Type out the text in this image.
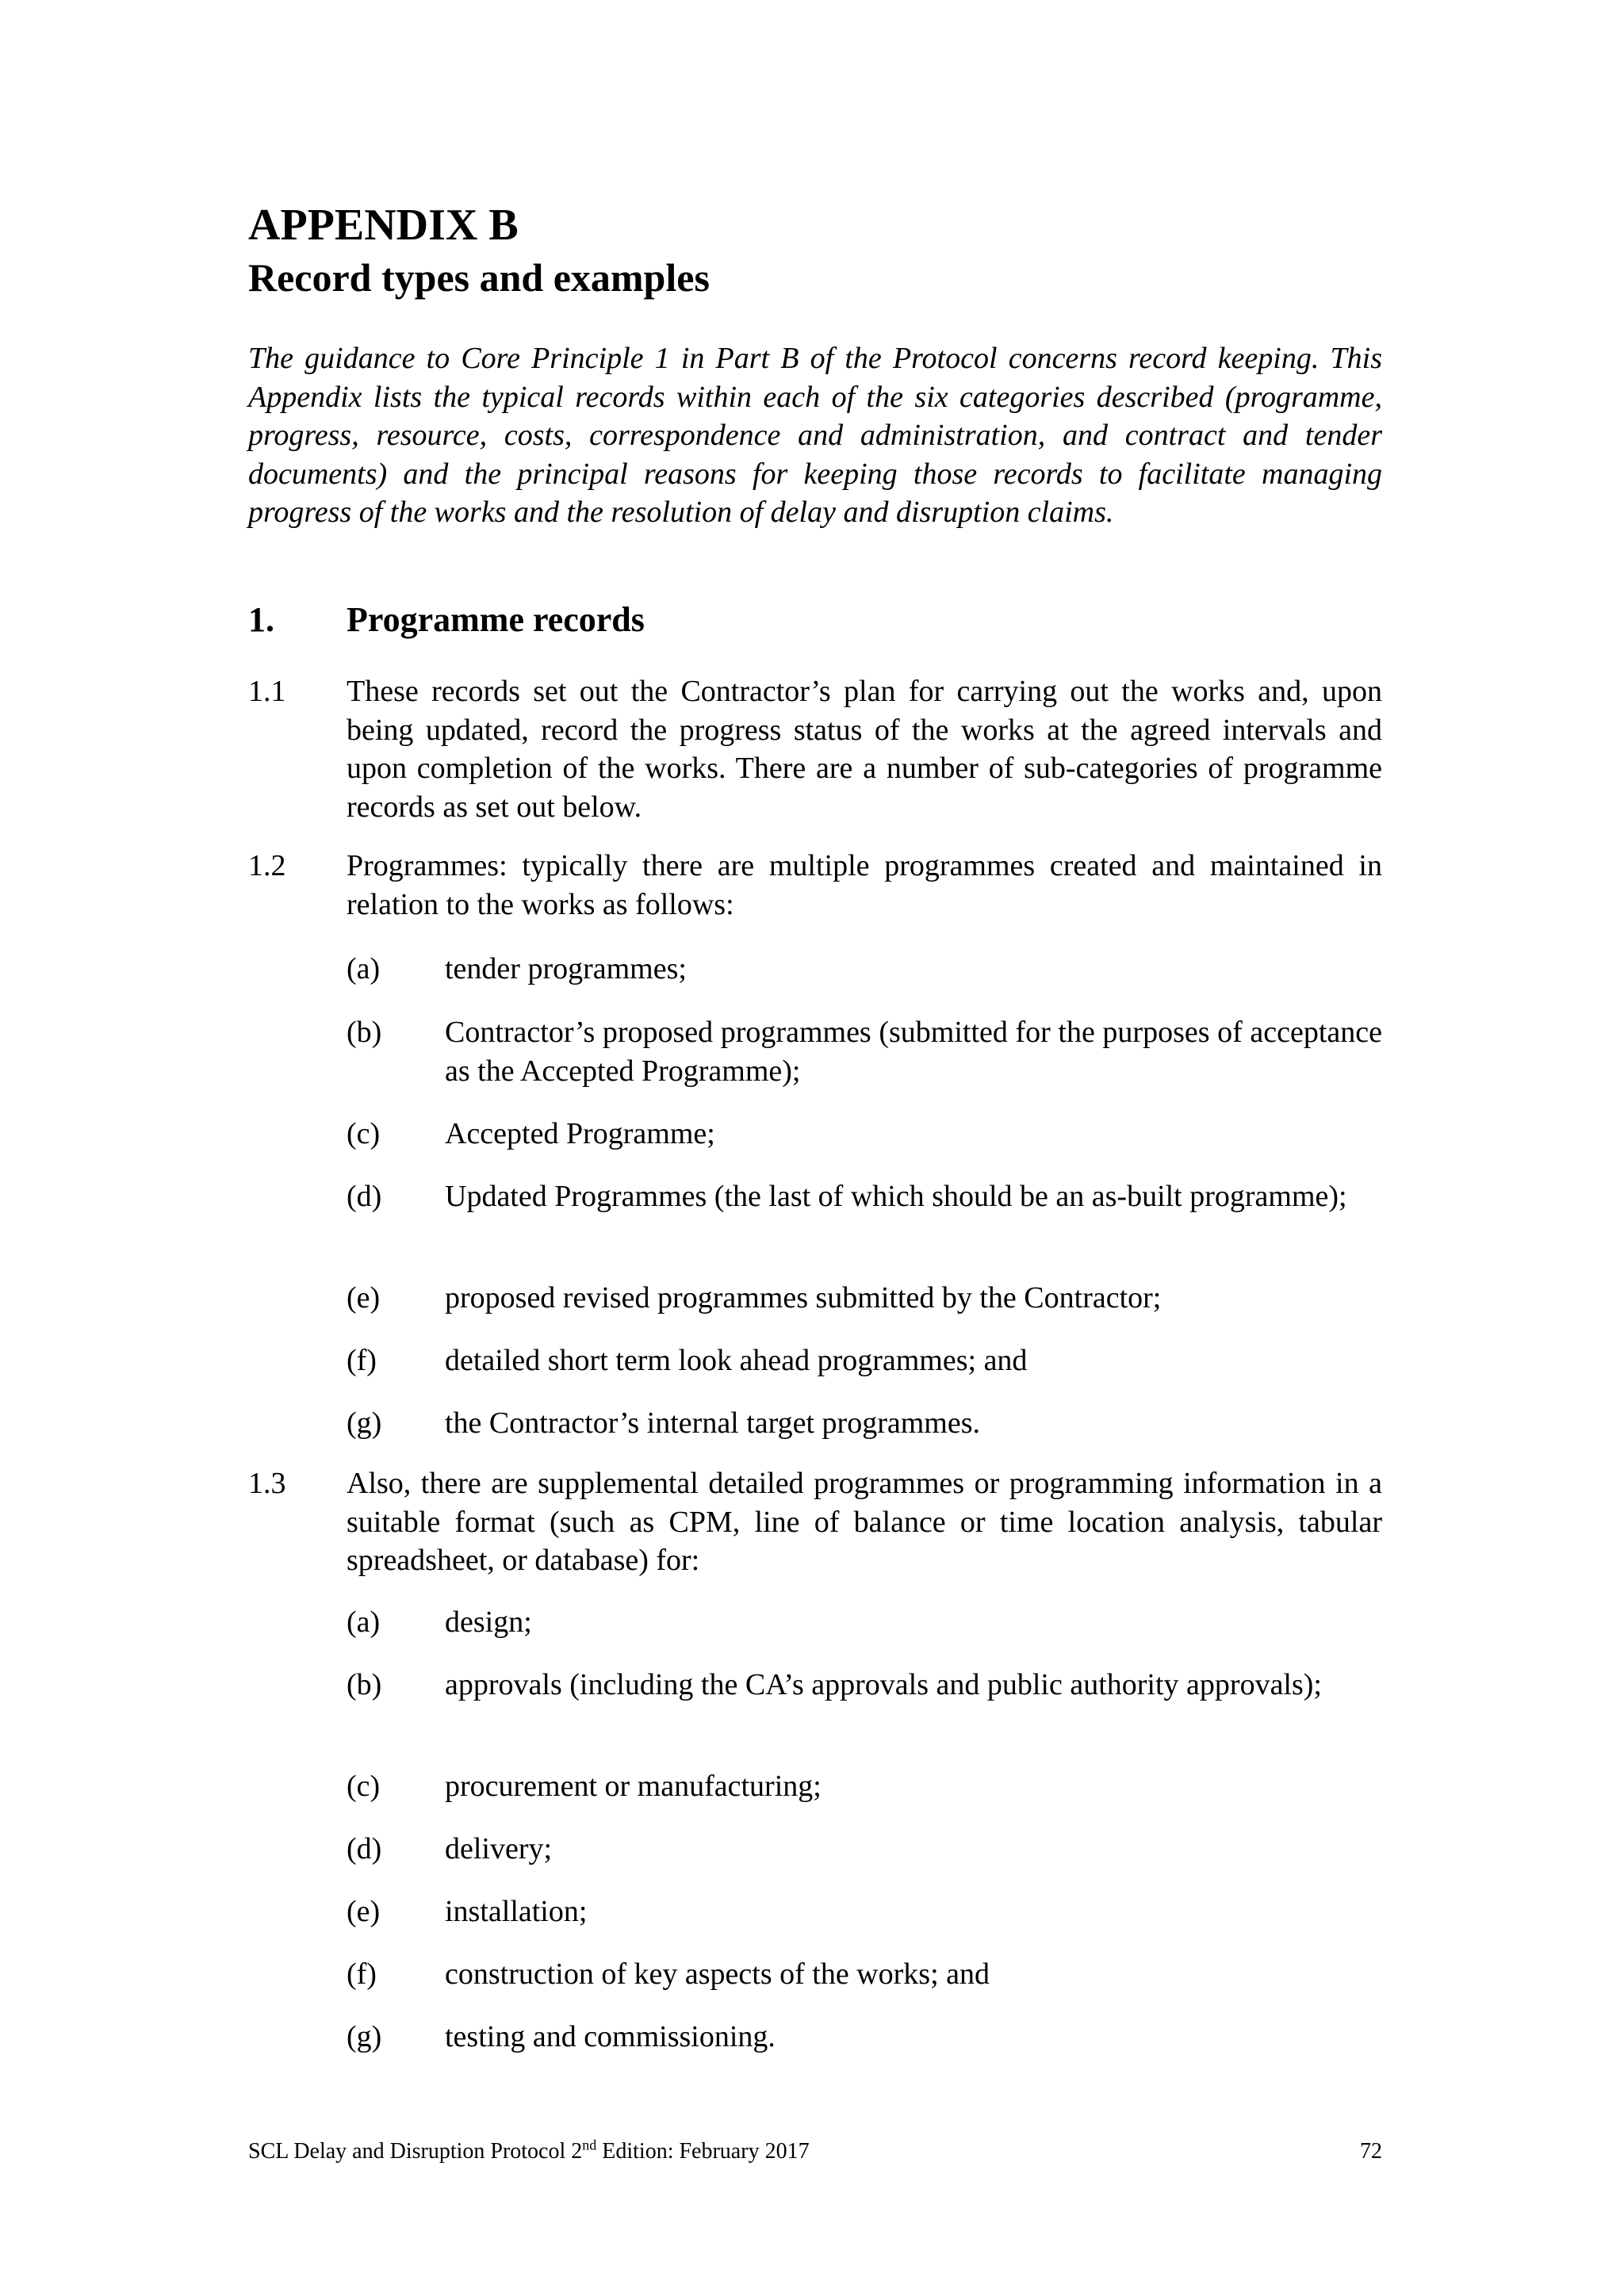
APPENDIX B
Record types and examples

The guidance to Core Principle 1 in Part B of the Protocol concerns record keeping. This Appendix lists the typical records within each of the six categories described (programme, progress, resource, costs, correspondence and administration, and contract and tender documents) and the principal reasons for keeping those records to facilitate managing progress of the works and the resolution of delay and disruption claims.

1. Programme records
1.1	These records set out the Contractor’s plan for carrying out the works and, upon being updated, record the progress status of the works at the agreed intervals and upon completion of the works. There are a number of sub-categories of programme records as set out below.
1.2	Programmes: typically there are multiple programmes created and maintained in relation to the works as follows:
(a)	tender programmes;
(b)	Contractor’s proposed programmes (submitted for the purposes of acceptance as the Accepted Programme);
(c)	Accepted Programme;
(d)	Updated Programmes (the last of which should be an as-built programme);
(e)	proposed revised programmes submitted by the Contractor;
(f)	detailed short term look ahead programmes; and
(g)	the Contractor’s internal target programmes.
1.3	Also, there are supplemental detailed programmes or programming information in a suitable format (such as CPM, line of balance or time location analysis, tabular spreadsheet, or database) for:
(a)	design;
(b)	approvals (including the CA’s approvals and public authority approvals);
(c)	procurement or manufacturing;
(d)	delivery;
(e)	installation;
(f)	construction of key aspects of the works; and
(g)	testing and commissioning.
SCL Delay and Disruption Protocol 2nd Edition: February 2017	72
